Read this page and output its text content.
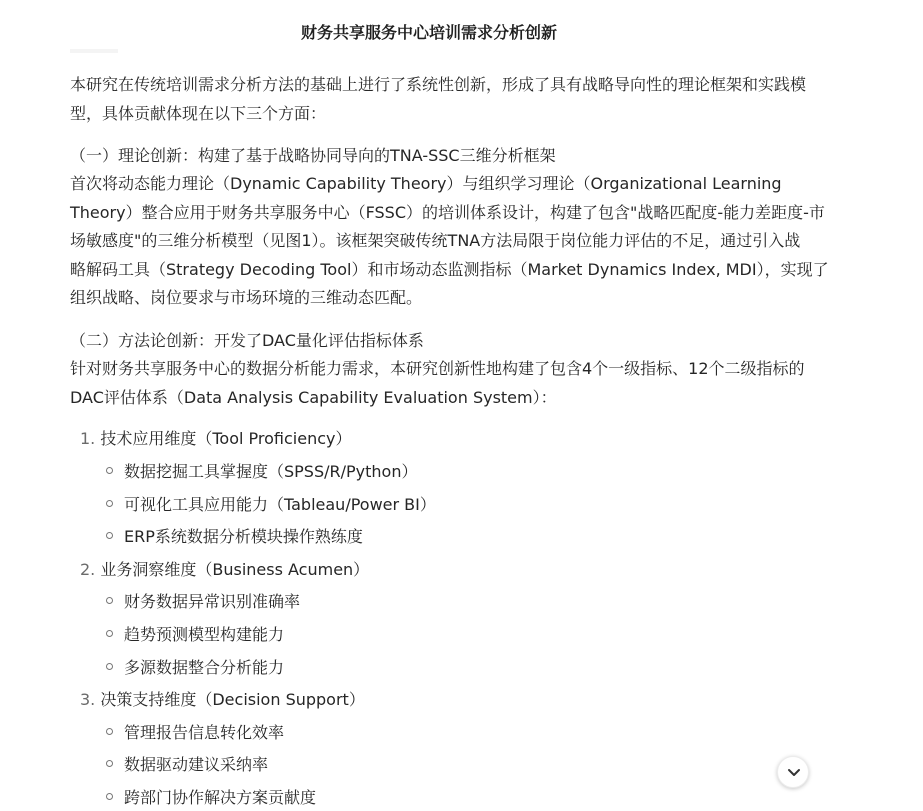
财务共享服务中心培训需求分析创新
本研究在传统培训需求分析方法的基础上进行了系统性创新，形成了具有战略导向性的理论框架和实践模
型，具体贡献体现在以下三个方面：
（一）理论创新：构建了基于战略协同导向的TNA-SSC三维分析框架
首次将动态能力理论（Dynamic Capability Theory）与组织学习理论（Organizational Learning
Theory）整合应用于财务共享服务中心（FSSC）的培训体系设计，构建了包含"战略匹配度-能力差距度-市
场敏感度"的三维分析模型（见图1）。该框架突破传统TNA方法局限于岗位能力评估的不足，通过引入战
略解码工具（Strategy Decoding Tool）和市场动态监测指标（Market Dynamics Index, MDI），实现了
组织战略、岗位要求与市场环境的三维动态匹配。
（二）方法论创新：开发了DAC量化评估指标体系
针对财务共享服务中心的数据分析能力需求，本研究创新性地构建了包含4个一级指标、12个二级指标的
DAC评估体系（Data Analysis Capability Evaluation System）：
1. 技术应用维度（Tool Proficiency）
数据挖掘工具掌握度（SPSS/R/Python）
可视化工具应用能力（Tableau/Power BI）
ERP系统数据分析模块操作熟练度
2. 业务洞察维度（Business Acumen）
财务数据异常识别准确率
趋势预测模型构建能力
多源数据整合分析能力
3. 决策支持维度（Decision Support）
管理报告信息转化效率
数据驱动建议采纳率
跨部门协作解决方案贡献度
